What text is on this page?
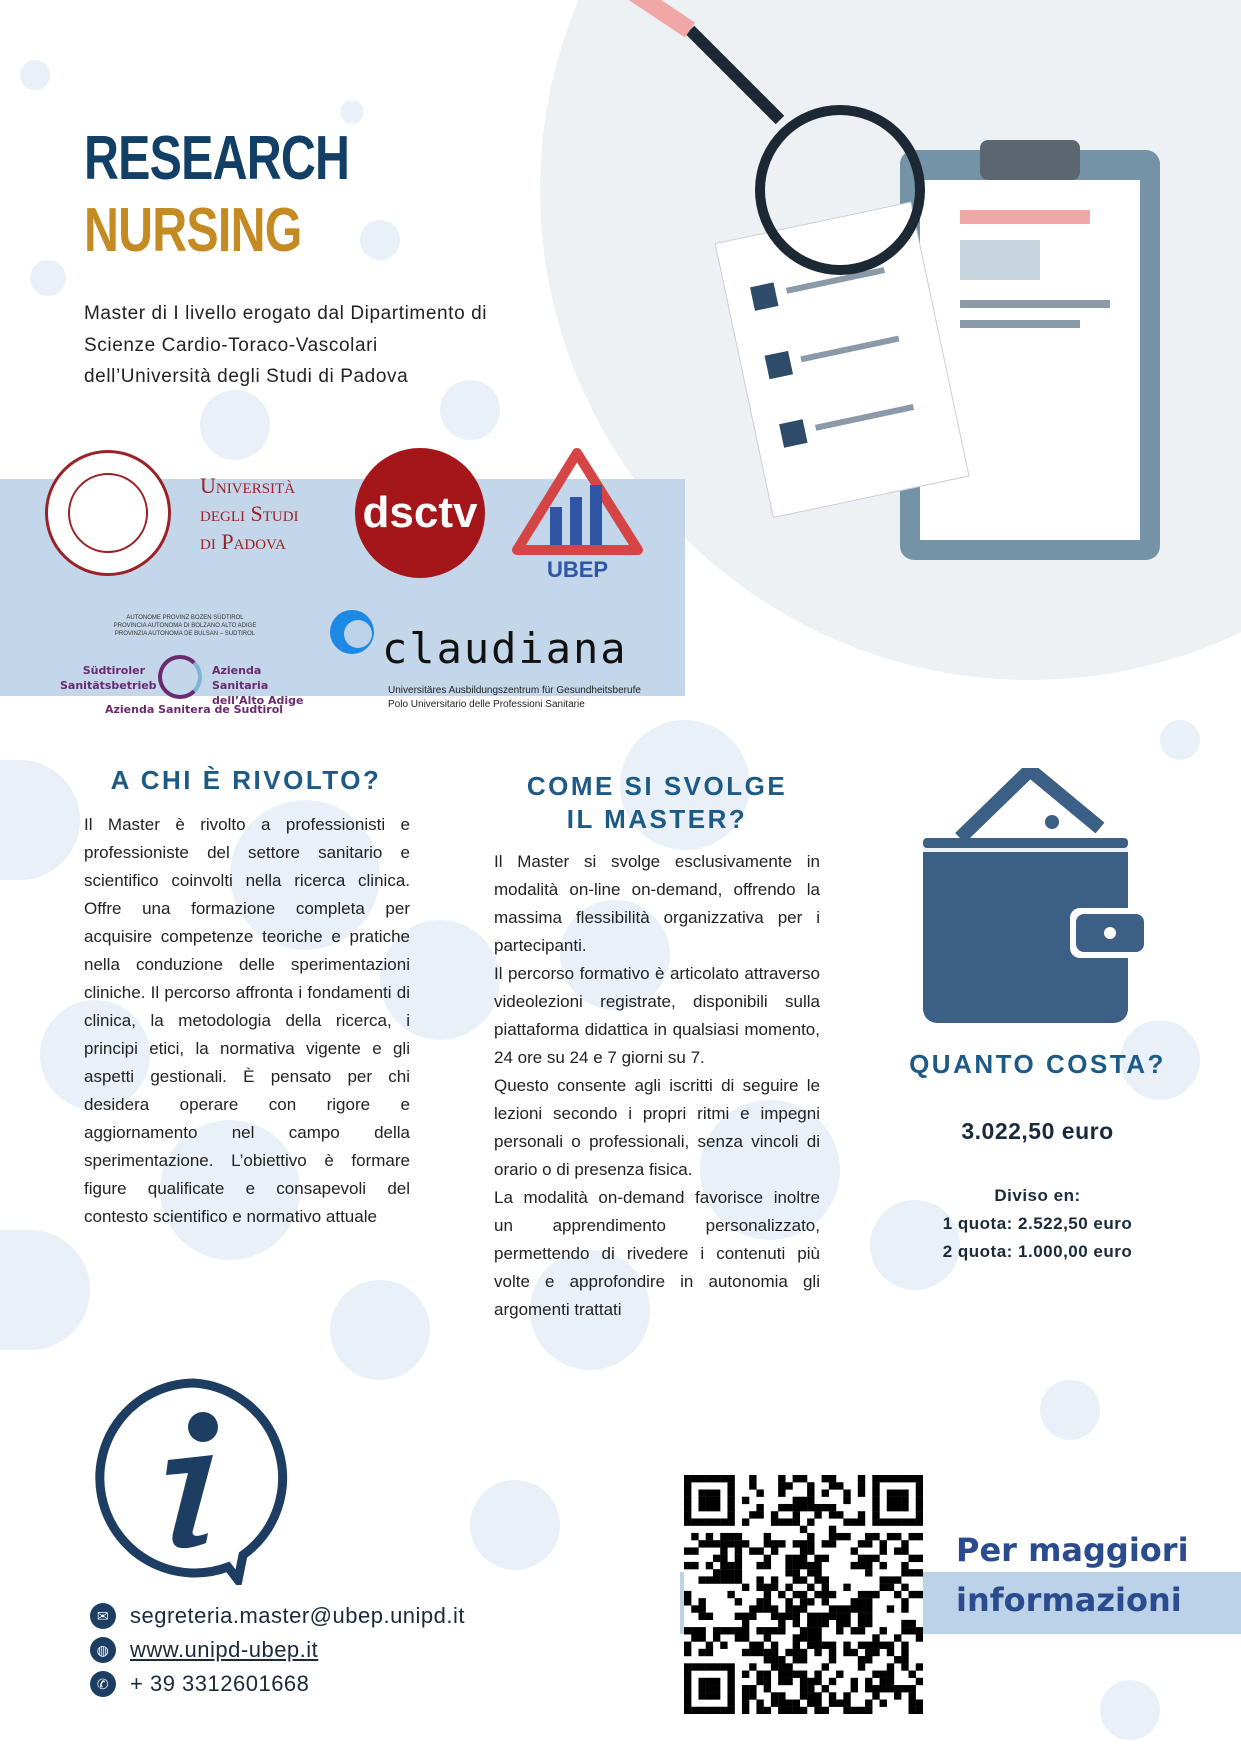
RESEARCH
NURSING
Master di I livello erogato dal Dipartimento di
Scienze Cardio-Toraco-Vascolari
dell’Università degli Studi di Padova
Università
degli Studi
di Padova
dsctv
UBEP
AUTONOME PROVINZ BOZEN SÜDTIROL
PROVINCIA AUTONOMA DI BOLZANO ALTO ADIGE
PROVINZIA AUTONOMA DE BULSAN – SUDTIROL
Südtiroler
Sanitätsbetrieb
Azienda Sanitaria
dell’Alto Adige
Azienda Sanitera de Sudtirol
claudiana
Universitäres Ausbildungszentrum für Gesundheitsberufe
Polo Universitario delle Professioni Sanitarie
A CHI È RIVOLTO?
Il Master è rivolto a professionisti e professioniste del settore sanitario e scientifico coinvolti nella ricerca clinica. Offre una formazione completa per acquisire competenze teoriche e pratiche nella conduzione delle sperimentazioni cliniche. Il percorso affronta i fondamenti di clinica, la metodologia della ricerca, i principi etici, la normativa vigente e gli aspetti gestionali. È pensato per chi desidera operare con rigore e aggiornamento nel campo della sperimentazione. L’obiettivo è formare figure qualificate e consapevoli del contesto scientifico e normativo attuale
COME SI SVOLGE
IL MASTER?

Il Master si svolge esclusivamente in modalità on-line on-demand, offrendo la massima flessibilità organizzativa per i partecipanti.

Il percorso formativo è articolato attraverso videolezioni registrate, disponibili sulla piattaforma didattica in qualsiasi momento, 24 ore su 24 e 7 giorni su 7.

Questo consente agli iscritti di seguire le lezioni secondo i propri ritmi e impegni personali o professionali, senza vincoli di orario o di presenza fisica.

La modalità on-demand favorisce inoltre un apprendimento personalizzato, permettendo di rivedere i contenuti più volte e approfondire in autonomia gli argomenti trattati

QUANTO COSTA?
3.022,50 euro
Diviso en:
1 quota: 2.522,50 euro
2 quota: 1.000,00 euro
✉ segreteria.master@ubep.unipd.it
◍ www.unipd-ubep.it
✆ + 39 3312601668
Per maggiori
informazioni
